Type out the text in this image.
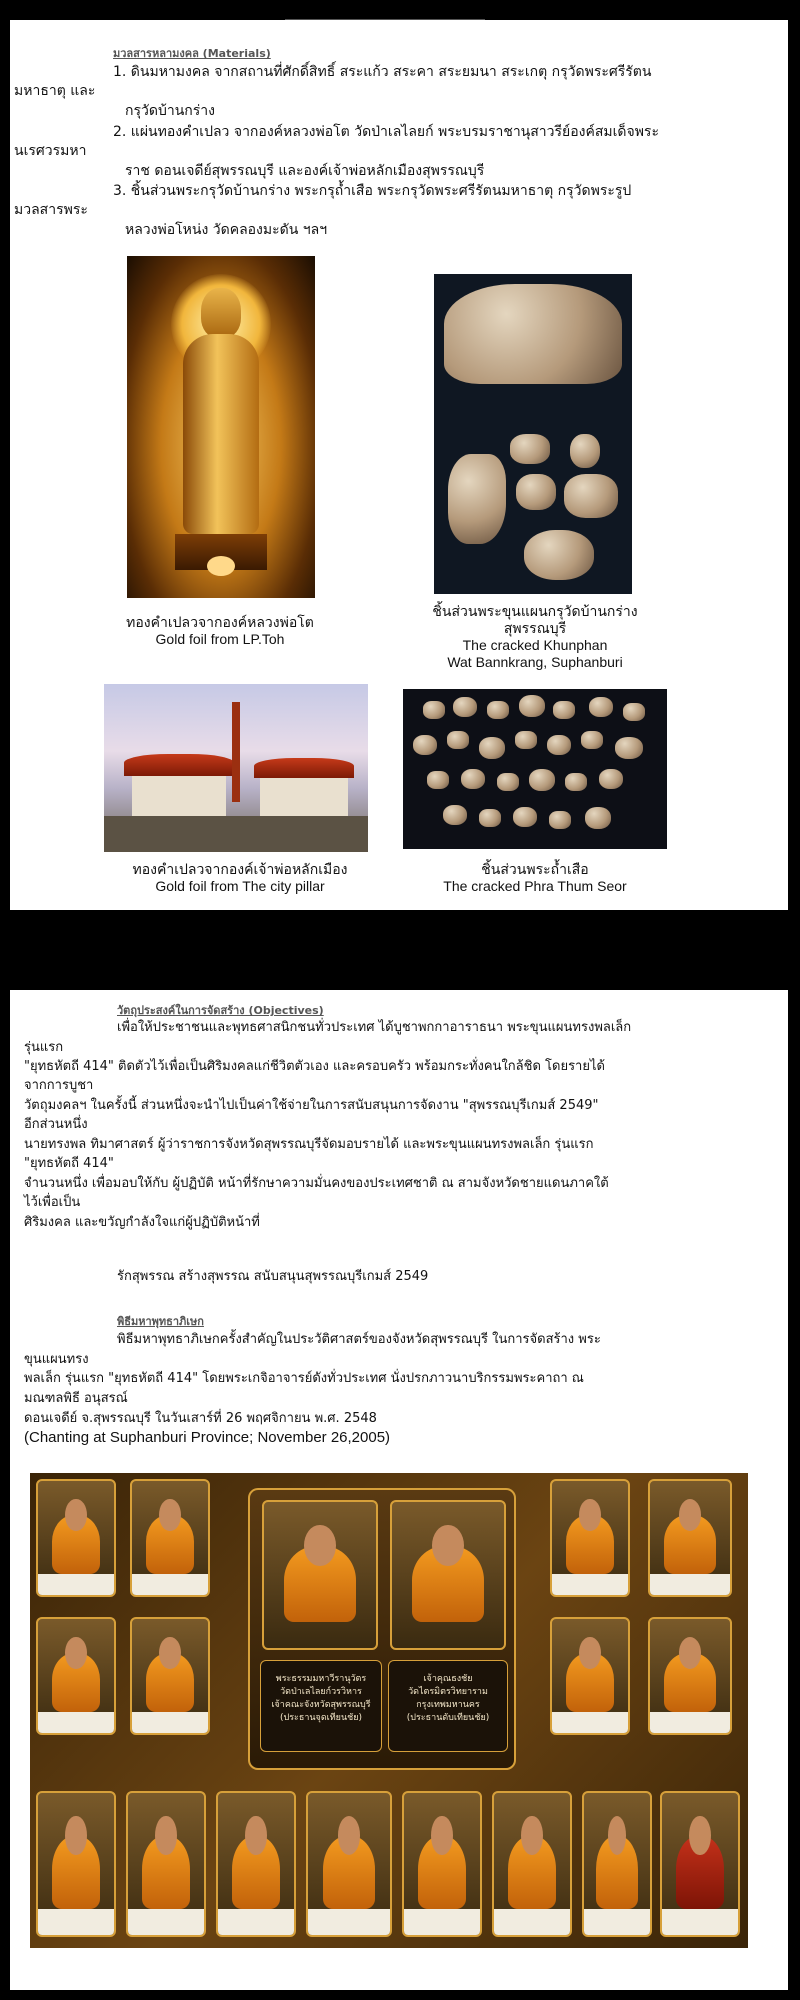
มวลสารหลามงคล (Materials)
1. ดินมหามงคล จากสถานที่ศักดิ์สิทธิ์ สระแก้ว สระคา สระยมนา สระเกตุ กรุวัดพระศรีรัตน
มหาธาตุ และ
กรุวัดบ้านกร่าง
2. แผ่นทองคำเปลว จากองค์หลวงพ่อโต วัดป่าเลไลยก์ พระบรมราชานุสาวรีย์องค์สมเด็จพระ
นเรศวรมหา
ราช ดอนเจดีย์สุพรรณบุรี และองค์เจ้าพ่อหลักเมืองสุพรรณบุรี
3. ชิ้นส่วนพระกรุวัดบ้านกร่าง พระกรุถ้ำเสือ พระกรุวัดพระศรีรัตนมหาธาตุ กรุวัดพระรูป
มวลสารพระ
หลวงพ่อโหน่ง วัดคลองมะดัน ฯลฯ
ทองคำเปลวจากองค์หลวงพ่อโต
Gold foil from LP.Toh
ชิ้นส่วนพระขุนแผนกรุวัดบ้านกร่าง
สุพรรณบุรี
The cracked Khunphan
Wat Bannkrang, Suphanburi
ทองคำเปลวจากองค์เจ้าพ่อหลักเมือง
Gold foil from The city pillar
ชิ้นส่วนพระถ้ำเสือ
The cracked Phra Thum Seor
วัตถุประสงค์ในการจัดสร้าง (Objectives)
เพื่อให้ประชาชนและพุทธศาสนิกชนทั่วประเทศ ได้บูชาพกกาอาราธนา พระขุนแผนทรงพลเล็ก
รุ่นแรก
"ยุทธหัตถี 414" ติดตัวไว้เพื่อเป็นศิริมงคลแก่ชีวิตตัวเอง และครอบครัว พร้อมกระทั่งคนใกล้ชิด โดยรายได้
จากการบูชา
วัตถุมงคลฯ ในครั้งนี้ ส่วนหนึ่งจะนำไปเป็นค่าใช้จ่ายในการสนับสนุนการจัดงาน "สุพรรณบุรีเกมส์ 2549"
อีกส่วนหนึ่ง
นายทรงพล ทิมาศาสตร์ ผู้ว่าราชการจังหวัดสุพรรณบุรีจัดมอบรายได้ และพระขุนแผนทรงพลเล็ก รุ่นแรก
"ยุทธหัตถี 414"
จำนวนหนึ่ง เพื่อมอบให้กับ ผู้ปฏิบัติ หน้าที่รักษาความมั่นคงของประเทศชาติ ณ สามจังหวัดชายแดนภาคใต้
ไว้เพื่อเป็น
ศิริมงคล และขวัญกำลังใจแก่ผู้ปฏิบัติหน้าที่
รักสุพรรณ สร้างสุพรรณ สนับสนุนสุพรรณบุรีเกมส์ 2549
พิธีมหาพุทธาภิเษก
พิธีมหาพุทธาภิเษกครั้งสำคัญในประวัติศาสตร์ของจังหวัดสุพรรณบุรี ในการจัดสร้าง พระ
ขุนแผนทรง
พลเล็ก รุ่นแรก "ยุทธหัตถี 414" โดยพระเกจิอาจารย์ดังทั่วประเทศ นั่งปรกภาวนาบริกรรมพระคาถา ณ
มณฑลพิธี อนุสรณ์
ดอนเจดีย์ จ.สุพรรณบุรี ในวันเสาร์ที่ 26 พฤศจิกายน พ.ศ. 2548
(Chanting at Suphanburi Province; November 26,2005)
พระธรรมมหาวีรานุวัตร
วัดป่าเลไลยก์วรวิหาร
เจ้าคณะจังหวัดสุพรรณบุรี
(ประธานจุดเทียนชัย)
เจ้าคุณธงชัย
วัดไตรมิตรวิทยาราม
กรุงเทพมหานคร
(ประธานดับเทียนชัย)
